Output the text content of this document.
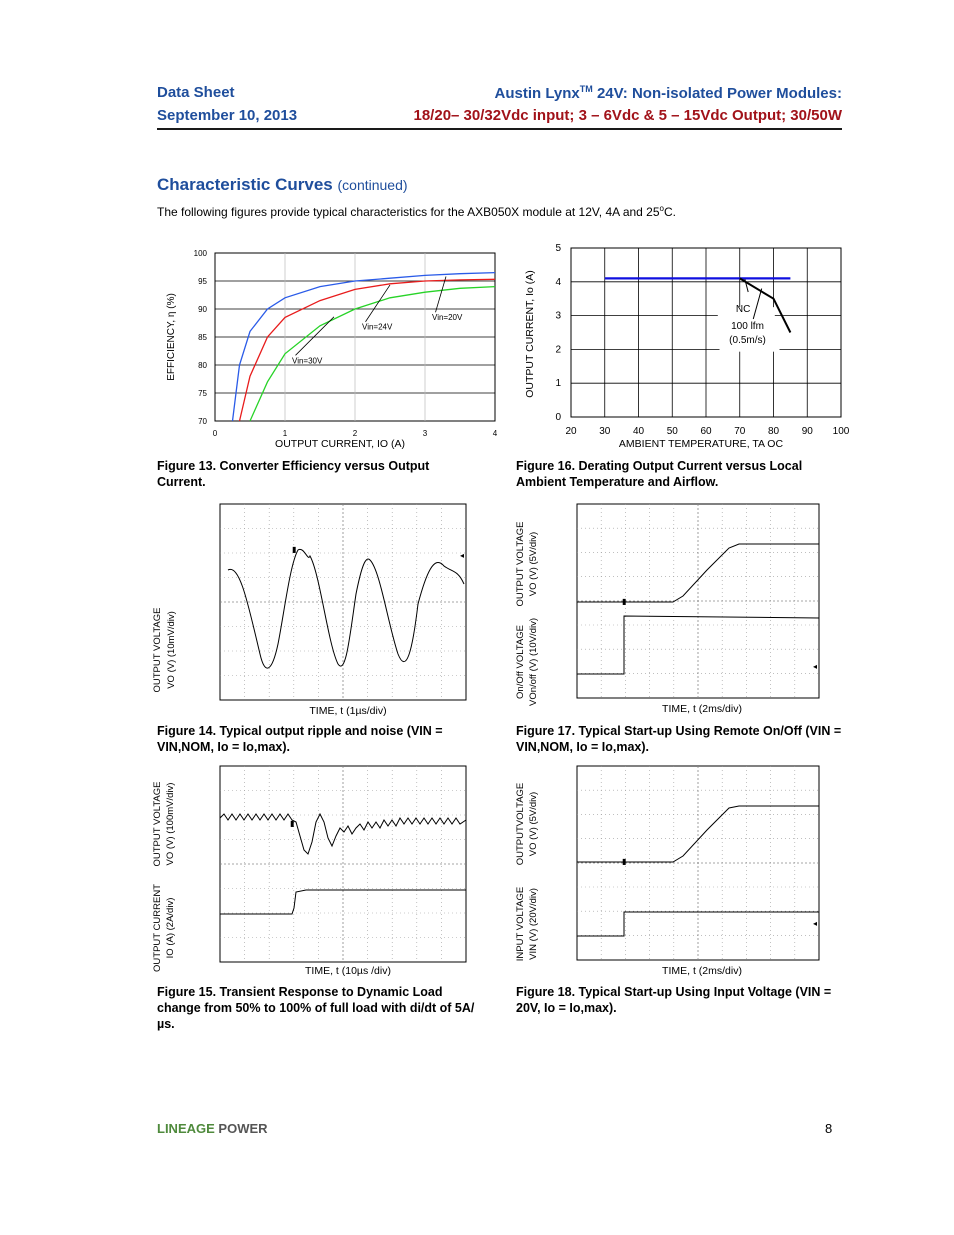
Data Sheet
September 10, 2013
Austin Lynx™ 24V: Non-isolated Power Modules:
18/20– 30/32Vdc input; 3 – 6Vdc & 5 – 15Vdc Output; 30/50W
Characteristic Curves (continued)
The following figures provide typical characteristics for the AXB050X module at 12V, 4A and 25$^o$C.
70
75
80
85
90
95
100
0	1	2	3	4
Vin=20V
Vin=24V
Vin=30V
EFFICIENCY, η (%)
OUTPUT CURRENT, IO (A)
Figure 13. Converter Efficiency versus Output Current.
0
1
2
3
4
5
20 30 40 50 60 70 80 90 100
NC
100 lfm
(0.5m/s)
OUTPUT CURRENT, Io (A)
AMBIENT TEMPERATURE, TA OC
Figure 16. Derating Output Current versus Local Ambient Temperature and Airflow.
▮
◂
OUTPUT VOLTAGE VO (V) (10mV/div)
TIME, t (1µs/div)
Figure 14. Typical output ripple and noise (VIN = VIN,NOM, Io = Io,max).
▮
◂
OUTPUT VOLTAGE VO (V) (5V/div)
On/Off VOLTAGE VOn/off (V) (10V/div)
TIME, t (2ms/div)
Figure 17. Typical Start-up Using Remote On/Off (VIN = VIN,NOM, Io = Io,max).
▮
OUTPUT VOLTAGE VO (V) (100mV/div)
OUTPUT CURRENT IO (A) (2A/div)
TIME, t (10µs /div)
Figure 15. Transient Response to Dynamic Load change from 50% to 100% of full load with di/dt of 5A/µs.
▮
◂
OUTPUTVOLTAGE VO (V) (5V/div)
INPUT VOLTAGE VIN (V) (20V/div)
TIME, t (2ms/div)
Figure 18. Typical Start-up Using Input Voltage (VIN = 20V, Io = Io,max).
LINEAGE POWER	8
